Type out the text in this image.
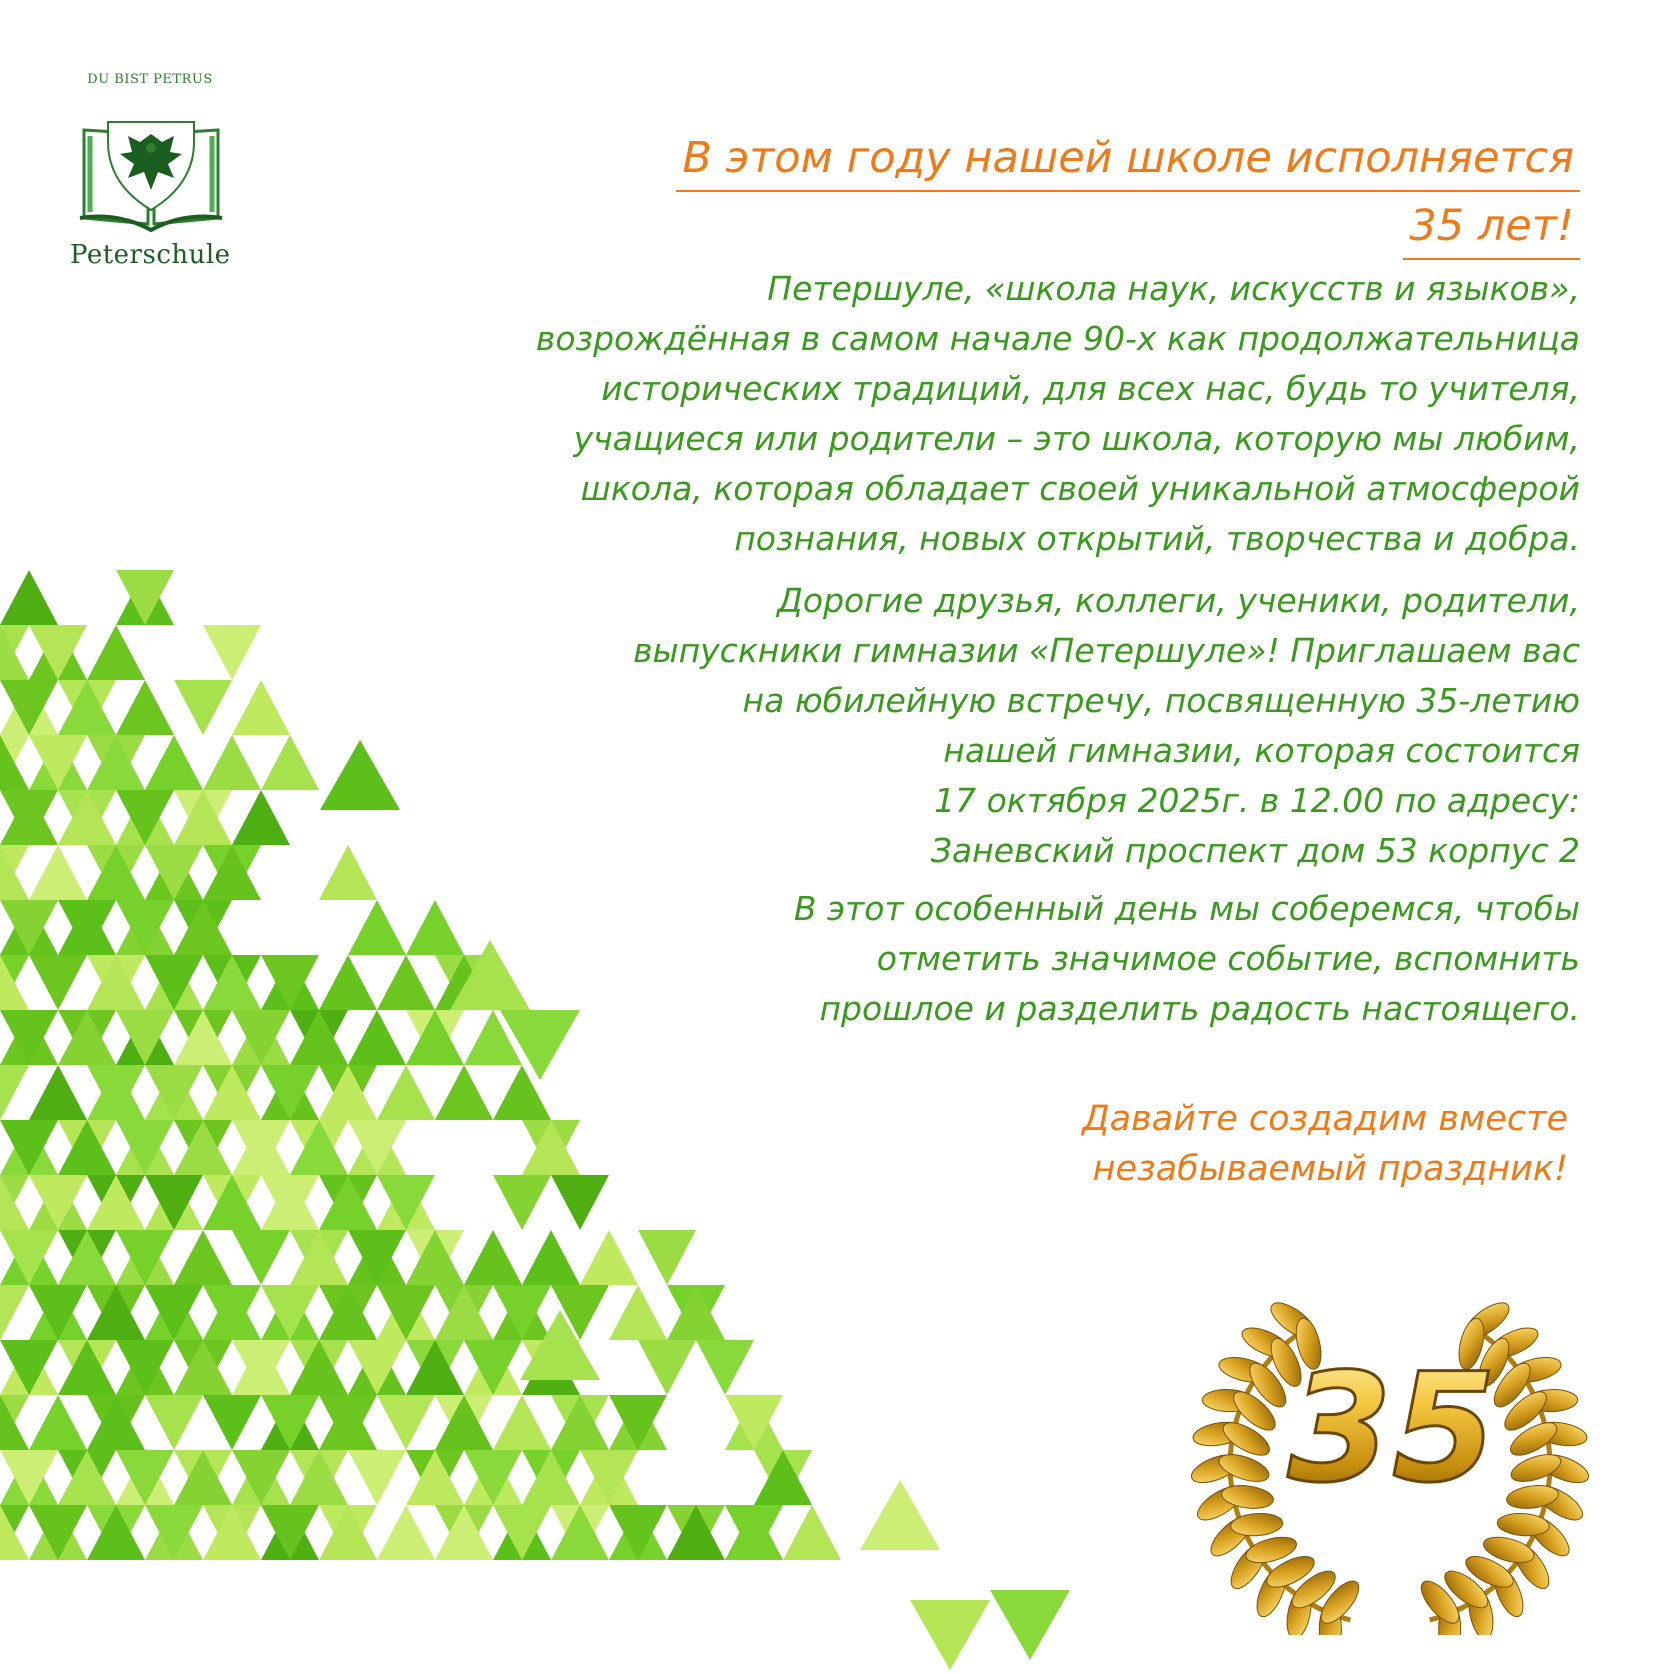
DU BIST PETRUS
Peterschule
В этом году нашей школе исполняется
35 лет!
Петершуле, «школа наук, искусств и языков»,
возрождённая в самом начале 90-х как продолжательница
исторических традиций, для всех нас, будь то учителя,
учащиеся или родители – это школа, которую мы любим,
школа, которая обладает своей уникальной атмосферой
познания, новых открытий, творчества и добра.
Дорогие друзья, коллеги, ученики, родители,
выпускники гимназии «Петершуле»! Приглашаем вас
на юбилейную встречу, посвященную 35-летию
нашей гимназии, которая состоится
17 октября 2025г. в 12.00 по адресу:
Заневский проспект дом 53 корпус 2
В этот особенный день мы соберемся, чтобы
отметить значимое событие, вспомнить
прошлое и разделить радость настоящего.
Давайте создадим вместе
незабываемый праздник!
35
